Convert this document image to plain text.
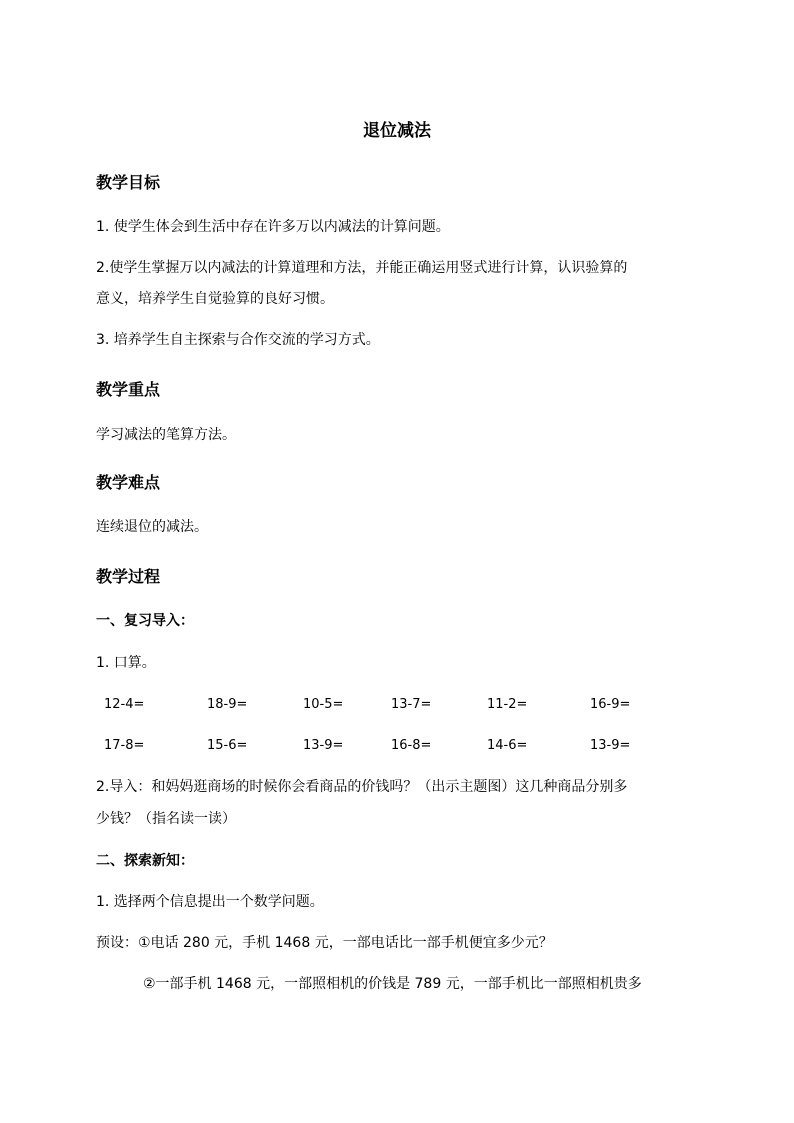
退位减法
教学目标
1. 使学生体会到生活中存在许多万以内减法的计算问题。
2.使学生掌握万以内减法的计算道理和方法，并能正确运用竖式进行计算，认识验算的
意义，培养学生自觉验算的良好习惯。
3. 培养学生自主探索与合作交流的学习方式。
教学重点
学习减法的笔算方法。
教学难点
连续退位的减法。
教学过程
一、复习导入：
1. 口算。
12-4=	18-9=	10-5=	13-7=	11-2=	16-9=
17-8=	15-6=	13-9=	16-8=	14-6=	13-9=
2.导入：和妈妈逛商场的时候你会看商品的价钱吗？（出示主题图）这几种商品分别多
少钱？（指名读一读）
二、探索新知：
1. 选择两个信息提出一个数学问题。
预设：①电话 280 元，手机 1468 元，一部电话比一部手机便宜多少元？
②一部手机 1468 元，一部照相机的价钱是 789 元，一部手机比一部照相机贵多
